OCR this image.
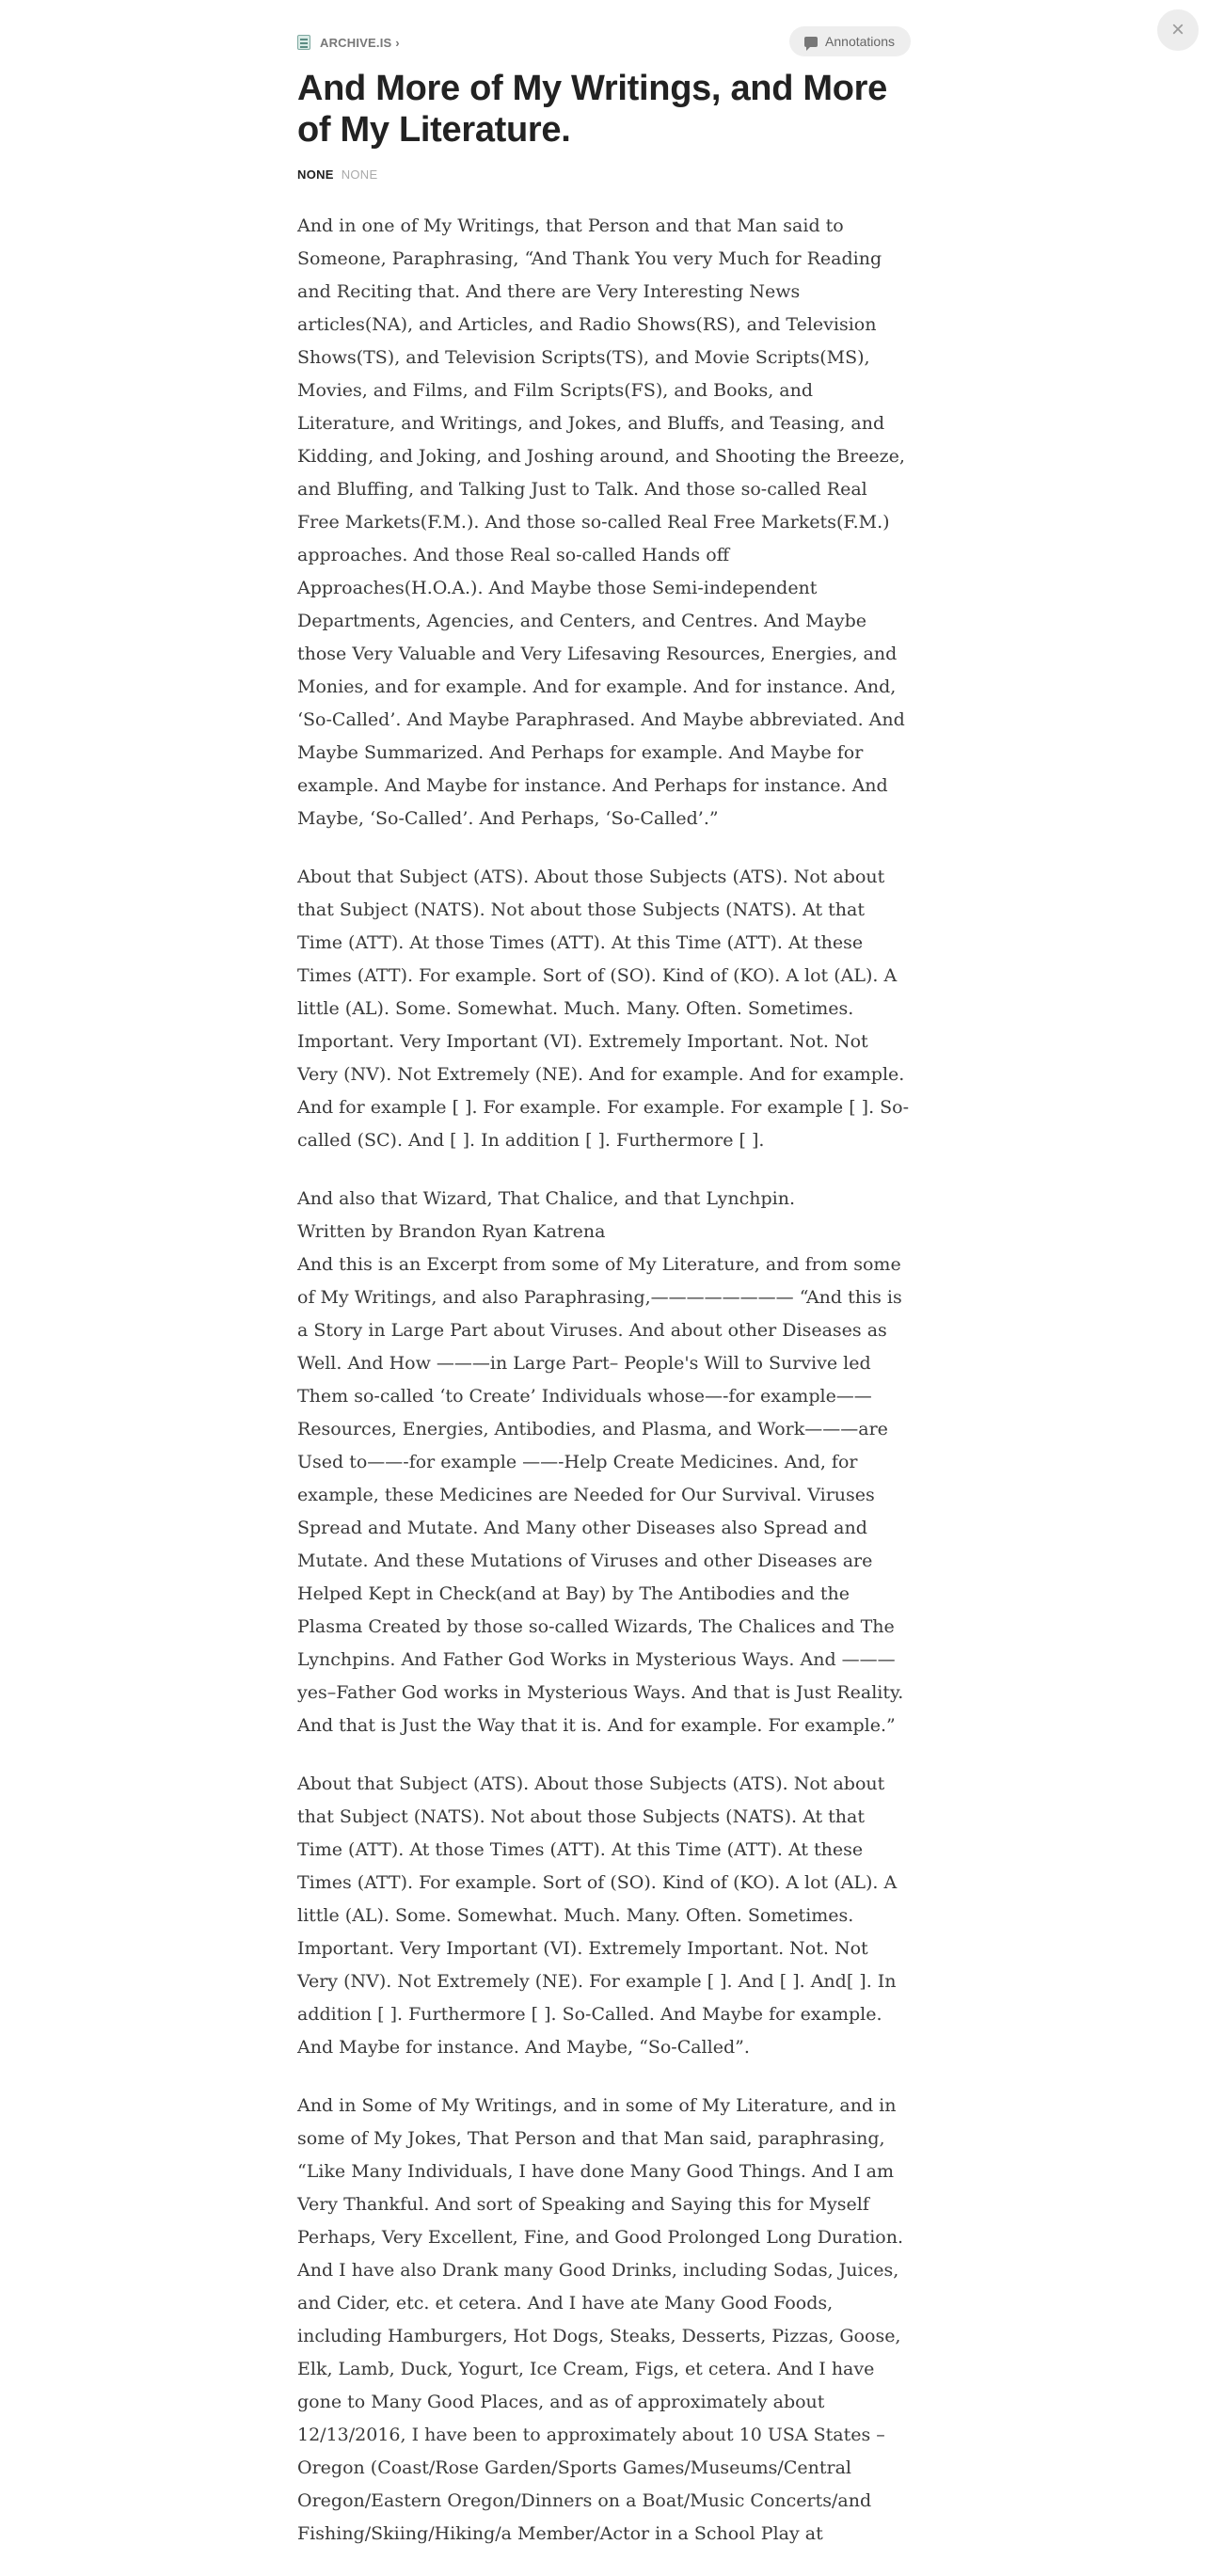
×
ARCHIVE.IS ›	Annotations
And More of My Writings, and More of My Literature.
NONE NONE

And in one of My Writings, that Person and that Man said to Someone, Paraphrasing, “And Thank You very Much for Reading and Reciting that. And there are Very Interesting News articles(NA), and Articles, and Radio Shows(RS), and Television Shows(TS), and Television Scripts(TS), and Movie Scripts(MS), Movies, and Films, and Film Scripts(FS), and Books, and Literature, and Writings, and Jokes, and Bluffs, and Teasing, and Kidding, and Joking, and Joshing around, and Shooting the Breeze, and Bluffing, and Talking Just to Talk. And those so-called Real Free Markets(F.M.). And those so-called Real Free Markets(F.M.) approaches. And those Real so-called Hands off Approaches(H.O.A.). And Maybe those Semi-independent Departments, Agencies, and Centers, and Centres. And Maybe those Very Valuable and Very Lifesaving Resources, Energies, and Monies, and for example. And for example. And for instance. And, ‘So-Called’. And Maybe Paraphrased. And Maybe abbreviated. And Maybe Summarized. And Perhaps for example. And Maybe for example. And Maybe for instance. And Perhaps for instance. And Maybe, ‘So-Called’. And Perhaps, ‘So-Called’.”

About that Subject (ATS). About those Subjects (ATS). Not about that Subject (NATS). Not about those Subjects (NATS). At that Time (ATT). At those Times (ATT). At this Time (ATT). At these Times (ATT). For example. Sort of (SO). Kind of (KO). A lot (AL). A little (AL). Some. Somewhat. Much. Many. Often. Sometimes. Important. Very Important (VI). Extremely Important. Not. Not Very (NV). Not Extremely (NE). And for example. And for example. And for example [ ]. For example. For example. For example [ ]. So-called (SC). And [ ]. In addition [ ]. Furthermore [ ].

And also that Wizard, That Chalice, and that Lynchpin.
Written by Brandon Ryan Katrena
And this is an Excerpt from some of My Literature, and from some of My Writings, and also Paraphrasing,———————— “And this is a Story in Large Part about Viruses. And about other Diseases as Well. And How ———in Large Part– People's Will to Survive led Them so-called ‘to Create’ Individuals whose—-for example——Resources, Energies, Antibodies, and Plasma, and Work———are Used to——-for example ——-Help Create Medicines. And, for example, these Medicines are Needed for Our Survival. Viruses Spread and Mutate. And Many other Diseases also Spread and Mutate. And these Mutations of Viruses and other Diseases are Helped Kept in Check(and at Bay) by The Antibodies and the Plasma Created by those so-called Wizards, The Chalices and The Lynchpins. And Father God Works in Mysterious Ways. And ———yes–Father God works in Mysterious Ways. And that is Just Reality. And that is Just the Way that it is. And for example. For example.”

About that Subject (ATS). About those Subjects (ATS). Not about that Subject (NATS). Not about those Subjects (NATS). At that Time (ATT). At those Times (ATT). At this Time (ATT). At these Times (ATT). For example. Sort of (SO). Kind of (KO). A lot (AL). A little (AL). Some. Somewhat. Much. Many. Often. Sometimes. Important. Very Important (VI). Extremely Important. Not. Not Very (NV). Not Extremely (NE). For example [ ]. And [ ]. And[ ]. In addition [ ]. Furthermore [ ]. So-Called. And Maybe for example. And Maybe for instance. And Maybe, “So-Called”.

And in Some of My Writings, and in some of My Literature, and in some of My Jokes, That Person and that Man said, paraphrasing, “Like Many Individuals, I have done Many Good Things. And I am Very Thankful. And sort of Speaking and Saying this for Myself Perhaps, Very Excellent, Fine, and Good Prolonged Long Duration. And I have also Drank many Good Drinks, including Sodas, Juices, and Cider, etc. et cetera. And I have ate Many Good Foods, including Hamburgers, Hot Dogs, Steaks, Desserts, Pizzas, Goose, Elk, Lamb, Duck, Yogurt, Ice Cream, Figs, et cetera. And I have gone to Many Good Places, and as of approximately about 12/13/2016, I have been to approximately about 10 USA States – Oregon (Coast/Rose Garden/Sports Games/Museums/Central Oregon/Eastern Oregon/Dinners on a Boat/Music Concerts/and Fishing/Skiing/Hiking/a Member/Actor in a School Play at
